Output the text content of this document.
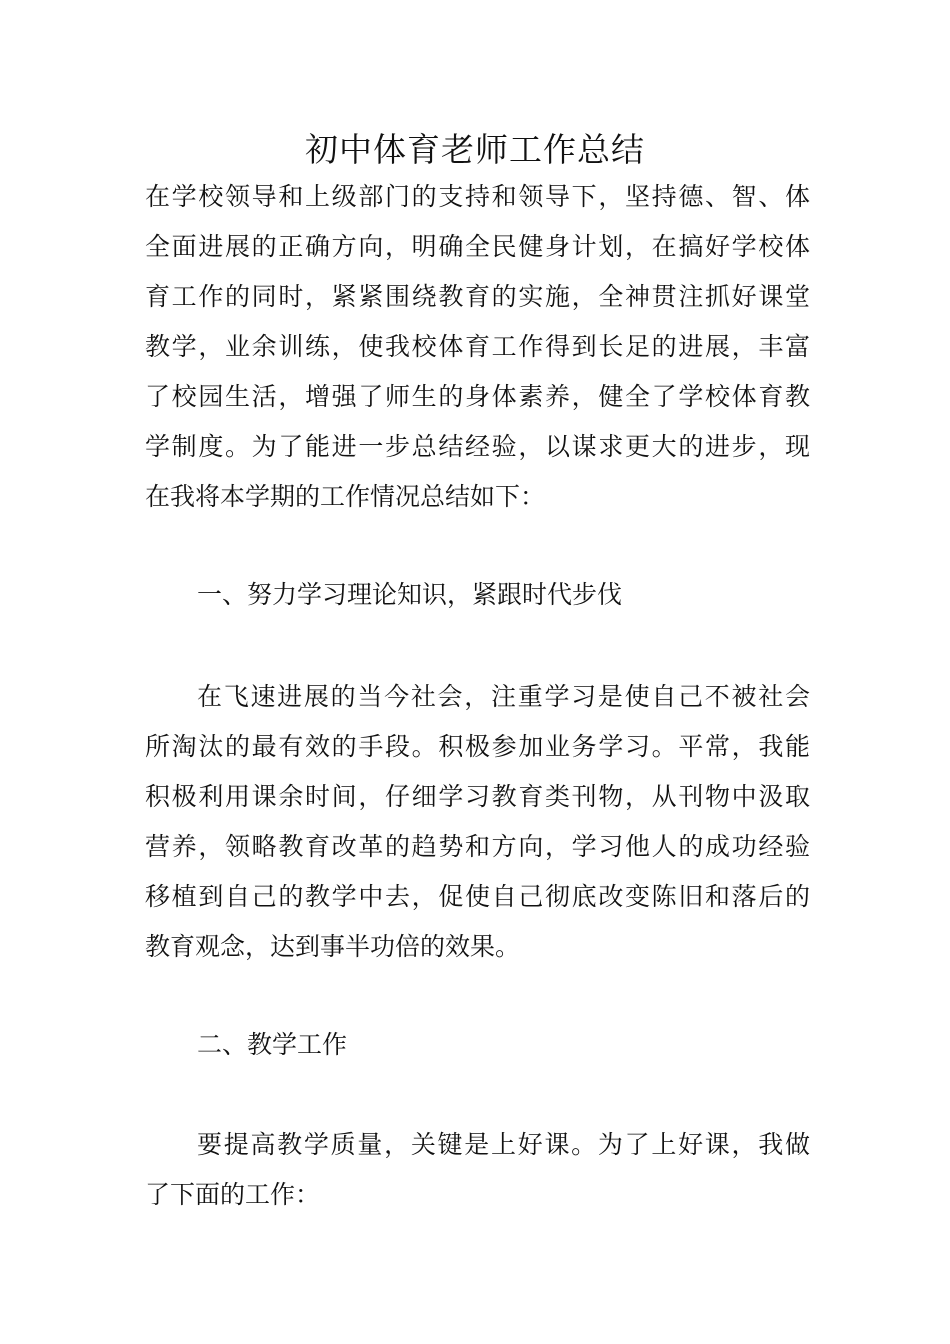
初中体育老师工作总结
在学校领导和上级部门的支持和领导下，坚持德、智、体
全面进展的正确方向，明确全民健身计划，在搞好学校体
育工作的同时，紧紧围绕教育的实施，全神贯注抓好课堂
教学，业余训练，使我校体育工作得到长足的进展，丰富
了校园生活，增强了师生的身体素养，健全了学校体育教
学制度。为了能进一步总结经验，以谋求更大的进步，现
在我将本学期的工作情况总结如下：
一、努力学习理论知识，紧跟时代步伐
在飞速进展的当今社会，注重学习是使自己不被社会
所淘汰的最有效的手段。积极参加业务学习。平常，我能
积极利用课余时间，仔细学习教育类刊物，从刊物中汲取
营养，领略教育改革的趋势和方向，学习他人的成功经验
移植到自己的教学中去，促使自己彻底改变陈旧和落后的
教育观念，达到事半功倍的效果。
二、教学工作
要提高教学质量，关键是上好课。为了上好课，我做
了下面的工作：
